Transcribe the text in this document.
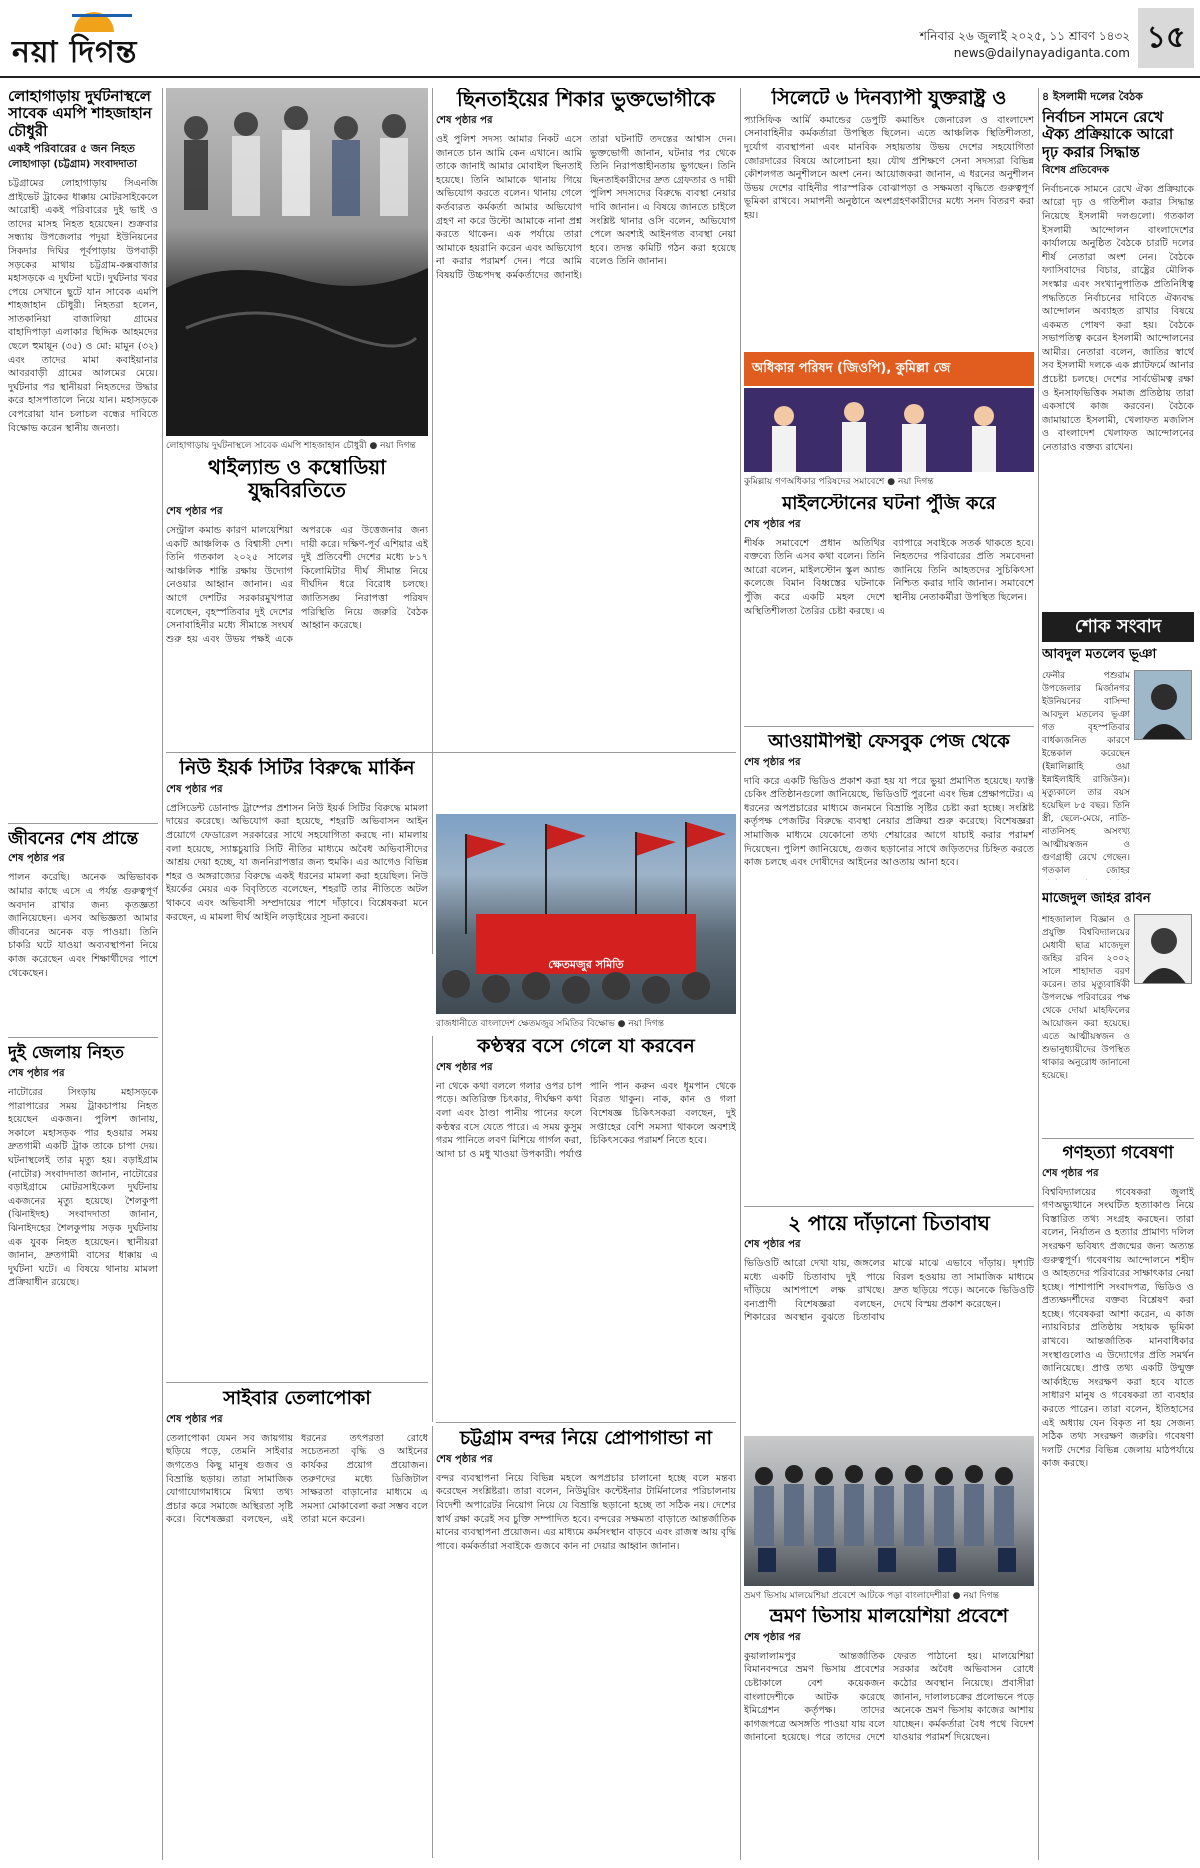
নয়া দিগন্ত	শনিবার ২৬ জুলাই ২০২৫, ১১ শ্রাবণ ১৪৩২
news@dailynayadiganta.com ১৫
লোহাগাড়ায় দুর্ঘটনাস্থলে সাবেক এমপি শাহজাহান চৌধুরী
একই পরিবারের ৫ জন নিহত
লোহাগাড়া (চট্টগ্রাম) সংবাদদাতা
চট্টগ্রামের লোহাগাড়ায় সিএনজি প্রাইভেট ট্রাকের ধাক্কায় মোটরসাইকেলে আরোহী একই পরিবারের দুই ভাই ও তাদের মাসহ নিহত হয়েছেন। শুক্রবার সন্ধ্যায় উপজেলার পদুয়া ইউনিয়নের সিকদার দিঘির পূর্বপাড়ায় উপবাড়ী সড়কের মাথায় চট্টগ্রাম-কক্সবাজার মহাসড়কে এ দুর্ঘটনা ঘটে। দুর্ঘটনার খবর পেয়ে সেখানে ছুটে যান সাবেক এমপি শাহজাহান চৌধুরী। নিহতরা হলেন, সাতকানিয়া বাজালিয়া গ্রামের বাহাদিপাড়া এলাকার ছিদ্দিক আহমদের ছেলে হুমায়ূন (৩৫) ও মো: মামুন (৩২) এবং তাদের মামা কবাইয়ানার আবরবাড়ী গ্রামের আলমের মেয়ে। দুর্ঘটনার পর স্থানীয়রা নিহতদের উদ্ধার করে হাসপাতালে নিয়ে যান। মহাসড়কে বেপরোয়া যান চলাচল বন্ধের দাবিতে বিক্ষোভ করেন স্থানীয় জনতা।
জীবনের শেষ প্রান্তে
শেষ পৃষ্ঠার পর
পালন করেছি। অনেক অভিভাবক আমার কাছে এসে এ পর্যন্ত গুরুত্বপূর্ণ অবদান রাখার জন্য কৃতজ্ঞতা জানিয়েছেন। এসব অভিজ্ঞতা আমার জীবনের অনেক বড় পাওয়া। তিনি চাকরি ঘটে যাওয়া অব্যবস্থাপনা নিয়ে কাজ করেছেন এবং শিক্ষার্থীদের পাশে থেকেছেন।
দুই জেলায় নিহত
শেষ পৃষ্ঠার পর
নাটোরের সিংড়ায় মহাসড়কে পারাপারের সময় ট্রাকচাপায় নিহত হয়েছেন একজন। পুলিশ জানায়, সকালে মহাসড়ক পার হওয়ার সময় দ্রুতগামী একটি ট্রাক তাকে চাপা দেয়। ঘটনাস্থলেই তার মৃত্যু হয়। বড়াইগ্রাম (নাটোর) সংবাদদাতা জানান, নাটোরের বড়াইগ্রামে মোটরসাইকেল দুর্ঘটনায় একজনের মৃত্যু হয়েছে। শৈলকুপা (ঝিনাইদহ) সংবাদদাতা জানান, ঝিনাইদহের শৈলকুপায় সড়ক দুর্ঘটনায় এক যুবক নিহত হয়েছেন। স্থানীয়রা জানান, দ্রুতগামী বাসের ধাক্কায় এ দুর্ঘটনা ঘটে। এ বিষয়ে থানায় মামলা প্রক্রিয়াধীন রয়েছে।
লোহাগাড়ায় দুর্ঘটনাস্থলে সাবেক এমপি শাহজাহান চৌধুরী ● নয়া দিগন্ত
থাইল্যান্ড ও কম্বোডিয়া যুদ্ধবিরতিতে
শেষ পৃষ্ঠার পর
সেন্ট্রাল কমান্ড কারণ মালয়েশিয়া একটি আঞ্চলিক ও বিশ্বাসী দেশ। তিনি গতকাল ২০২৫ সালের আঞ্চলিক শান্তি রক্ষায় উদ্যোগ নেওয়ার আহ্বান জানান। এর আগে দেশটির সরকারমুখপাত্র বলেছেন, বৃহস্পতিবার দুই দেশের সেনাবাহিনীর মধ্যে সীমান্তে সংঘর্ষ শুরু হয় এবং উভয় পক্ষই একে অপরকে এর উত্তেজনার জন্য দায়ী করে। দক্ষিণ-পূর্ব এশিয়ার এই দুই প্রতিবেশী দেশের মধ্যে ৮১৭ কিলোমিটার দীর্ঘ সীমান্ত নিয়ে দীর্ঘদিন ধরে বিরোধ চলছে। জাতিসঙ্ঘ নিরাপত্তা পরিষদ পরিস্থিতি নিয়ে জরুরি বৈঠক আহ্বান করেছে।
ছিনতাইয়ের শিকার ভুক্তভোগীকে
শেষ পৃষ্ঠার পর
ওই পুলিশ সদস্য আমার নিকট এসে জানতে চান আমি কেন এখানে। আমি তাকে জানাই আমার মোবাইল ছিনতাই হয়েছে। তিনি আমাকে থানায় গিয়ে অভিযোগ করতে বলেন। থানায় গেলে কর্তব্যরত কর্মকর্তা আমার অভিযোগ গ্রহণ না করে উল্টো আমাকে নানা প্রশ্ন করতে থাকেন। এক পর্যায়ে তারা আমাকে হয়রানি করেন এবং অভিযোগ না করার পরামর্শ দেন। পরে আমি বিষয়টি উচ্চপদস্থ কর্মকর্তাদের জানাই। তারা ঘটনাটি তদন্তের আশ্বাস দেন। ভুক্তভোগী জানান, ঘটনার পর থেকে তিনি নিরাপত্তাহীনতায় ভুগছেন। তিনি ছিনতাইকারীদের দ্রুত গ্রেফতার ও দায়ী পুলিশ সদস্যদের বিরুদ্ধে ব্যবস্থা নেয়ার দাবি জানান। এ বিষয়ে জানতে চাইলে সংশ্লিষ্ট থানার ওসি বলেন, অভিযোগ পেলে অবশ্যই আইনগত ব্যবস্থা নেয়া হবে। তদন্ত কমিটি গঠন করা হয়েছে বলেও তিনি জানান।
নিউ ইয়র্ক সিটির বিরুদ্ধে মার্কিন
শেষ পৃষ্ঠার পর
প্রেসিডেন্ট ডোনাল্ড ট্রাম্পের প্রশাসন নিউ ইয়র্ক সিটির বিরুদ্ধে মামলা দায়ের করেছে। অভিযোগ করা হয়েছে, শহরটি অভিবাসন আইন প্রয়োগে ফেডারেল সরকারের সাথে সহযোগিতা করছে না। মামলায় বলা হয়েছে, স্যাঙ্কচুয়ারি সিটি নীতির মাধ্যমে অবৈধ অভিবাসীদের আশ্রয় দেয়া হচ্ছে, যা জননিরাপত্তার জন্য হুমকি। এর আগেও বিভিন্ন শহর ও অঙ্গরাজ্যের বিরুদ্ধে একই ধরনের মামলা করা হয়েছিল। নিউ ইয়র্কের মেয়র এক বিবৃতিতে বলেছেন, শহরটি তার নীতিতে অটল থাকবে এবং অভিবাসী সম্প্রদায়ের পাশে দাঁড়াবে। বিশ্লেষকরা মনে করছেন, এ মামলা দীর্ঘ আইনি লড়াইয়ের সূচনা করবে।
ক্ষেতমজুর সমিতি
রাজধানীতে বাংলাদেশ ক্ষেতমজুর সমিতির বিক্ষোভ ● নয়া দিগন্ত
কণ্ঠস্বর বসে গেলে যা করবেন
শেষ পৃষ্ঠার পর
না থেকে কথা বললে গলার ওপর চাপ পড়ে। অতিরিক্ত চিৎকার, দীর্ঘক্ষণ কথা বলা এবং ঠাণ্ডা পানীয় পানের ফলে কণ্ঠস্বর বসে যেতে পারে। এ সময় কুসুম গরম পানিতে লবণ মিশিয়ে গার্গল করা, আদা চা ও মধু খাওয়া উপকারী। পর্যাপ্ত পানি পান করুন এবং ধূমপান থেকে বিরত থাকুন। নাক, কান ও গলা বিশেষজ্ঞ চিকিৎসকরা বলছেন, দুই সপ্তাহের বেশি সমস্যা থাকলে অবশ্যই চিকিৎসকের পরামর্শ নিতে হবে।
সাইবার তেলাপোকা
শেষ পৃষ্ঠার পর
তেলাপোকা যেমন সব জায়গায় ছড়িয়ে পড়ে, তেমনি সাইবার জগতেও কিছু মানুষ গুজব ও বিভ্রান্তি ছড়ায়। তারা সামাজিক যোগাযোগমাধ্যমে মিথ্যা তথ্য প্রচার করে সমাজে অস্থিরতা সৃষ্টি করে। বিশেষজ্ঞরা বলছেন, এই ধরনের তৎপরতা রোধে সচেতনতা বৃদ্ধি ও আইনের কার্যকর প্রয়োগ প্রয়োজন। তরুণদের মধ্যে ডিজিটাল সাক্ষরতা বাড়ানোর মাধ্যমে এ সমস্যা মোকাবেলা করা সম্ভব বলে তারা মনে করেন।
চট্টগ্রাম বন্দর নিয়ে প্রোপাগান্ডা না
শেষ পৃষ্ঠার পর
বন্দর ব্যবস্থাপনা নিয়ে বিভিন্ন মহলে অপপ্রচার চালানো হচ্ছে বলে মন্তব্য করেছেন সংশ্লিষ্টরা। তারা বলেন, নিউমুরিং কন্টেইনার টার্মিনালের পরিচালনায় বিদেশী অপারেটর নিয়োগ নিয়ে যে বিভ্রান্তি ছড়ানো হচ্ছে তা সঠিক নয়। দেশের স্বার্থ রক্ষা করেই সব চুক্তি সম্পাদিত হবে। বন্দরের সক্ষমতা বাড়াতে আন্তর্জাতিক মানের ব্যবস্থাপনা প্রয়োজন। এর মাধ্যমে কর্মসংস্থান বাড়বে এবং রাজস্ব আয় বৃদ্ধি পাবে। কর্মকর্তারা সবাইকে গুজবে কান না দেয়ার আহ্বান জানান।
সিলেটে ৬ দিনব্যাপী যুক্তরাষ্ট্র ও
প্যাসিফিক আর্মি কমান্ডের ডেপুটি কমান্ডিং জেনারেল ও বাংলাদেশ সেনাবাহিনীর কর্মকর্তারা উপস্থিত ছিলেন। এতে আঞ্চলিক স্থিতিশীলতা, দুর্যোগ ব্যবস্থাপনা এবং মানবিক সহায়তায় উভয় দেশের সহযোগিতা জোরদারের বিষয়ে আলোচনা হয়। যৌথ প্রশিক্ষণে সেনা সদস্যরা বিভিন্ন কৌশলগত অনুশীলনে অংশ নেন। আয়োজকরা জানান, এ ধরনের অনুশীলন উভয় দেশের বাহিনীর পারস্পরিক বোঝাপড়া ও সক্ষমতা বৃদ্ধিতে গুরুত্বপূর্ণ ভূমিকা রাখবে। সমাপনী অনুষ্ঠানে অংশগ্রহণকারীদের মধ্যে সনদ বিতরণ করা হয়।
অধিকার পরিষদ (জিওপি), কুমিল্লা জে
কুমিল্লায় গণঅধিকার পরিষদের সমাবেশে ● নয়া দিগন্ত
মাইলস্টোনের ঘটনা পুঁজি করে
শেষ পৃষ্ঠার পর
শীর্ষক সমাবেশে প্রধান অতিথির বক্তব্যে তিনি এসব কথা বলেন। তিনি আরো বলেন, মাইলস্টোন স্কুল অ্যান্ড কলেজে বিমান বিধ্বস্তের ঘটনাকে পুঁজি করে একটি মহল দেশে অস্থিতিশীলতা তৈরির চেষ্টা করছে। এ ব্যাপারে সবাইকে সতর্ক থাকতে হবে। নিহতদের পরিবারের প্রতি সমবেদনা জানিয়ে তিনি আহতদের সুচিকিৎসা নিশ্চিত করার দাবি জানান। সমাবেশে স্থানীয় নেতাকর্মীরা উপস্থিত ছিলেন।
আওয়ামীপন্থী ফেসবুক পেজ থেকে
শেষ পৃষ্ঠার পর
দাবি করে একটি ভিডিও প্রকাশ করা হয় যা পরে ভুয়া প্রমাণিত হয়েছে। ফ্যাক্ট চেকিং প্রতিষ্ঠানগুলো জানিয়েছে, ভিডিওটি পুরনো এবং ভিন্ন প্রেক্ষাপটের। এ ধরনের অপপ্রচারের মাধ্যমে জনমনে বিভ্রান্তি সৃষ্টির চেষ্টা করা হচ্ছে। সংশ্লিষ্ট কর্তৃপক্ষ পেজটির বিরুদ্ধে ব্যবস্থা নেয়ার প্রক্রিয়া শুরু করেছে। বিশেষজ্ঞরা সামাজিক মাধ্যমে যেকোনো তথ্য শেয়ারের আগে যাচাই করার পরামর্শ দিয়েছেন। পুলিশ জানিয়েছে, গুজব ছড়ানোর সাথে জড়িতদের চিহ্নিত করতে কাজ চলছে এবং দোষীদের আইনের আওতায় আনা হবে।
২ পায়ে দাঁড়ানো চিতাবাঘ
শেষ পৃষ্ঠার পর
ভিডিওটি আরো দেখা যায়, জঙ্গলের মধ্যে একটি চিতাবাঘ দুই পায়ে দাঁড়িয়ে আশপাশে লক্ষ রাখছে। বন্যপ্রাণী বিশেষজ্ঞরা বলছেন, শিকারের অবস্থান বুঝতে চিতাবাঘ মাঝে মাঝে এভাবে দাঁড়ায়। দৃশ্যটি বিরল হওয়ায় তা সামাজিক মাধ্যমে দ্রুত ছড়িয়ে পড়ে। অনেকে ভিডিওটি দেখে বিস্ময় প্রকাশ করেছেন।
ভ্রমণ ভিসায় মালয়েশিয়া প্রবেশে আটকে পড়া বাংলাদেশীরা ● নয়া দিগন্ত
ভ্রমণ ভিসায় মালয়েশিয়া প্রবেশে
শেষ পৃষ্ঠার পর
কুয়ালালামপুর আন্তর্জাতিক বিমানবন্দরে ভ্রমণ ভিসায় প্রবেশের চেষ্টাকালে বেশ কয়েকজন বাংলাদেশীকে আটক করেছে ইমিগ্রেশন কর্তৃপক্ষ। তাদের কাগজপত্রে অসঙ্গতি পাওয়া যায় বলে জানানো হয়েছে। পরে তাদের দেশে ফেরত পাঠানো হয়। মালয়েশিয়া সরকার অবৈধ অভিবাসন রোধে কঠোর অবস্থান নিয়েছে। প্রবাসীরা জানান, দালালচক্রের প্রলোভনে পড়ে অনেকে ভ্রমণ ভিসায় কাজের আশায় যাচ্ছেন। কর্মকর্তারা বৈধ পথে বিদেশ যাওয়ার পরামর্শ দিয়েছেন।
৪ ইসলামী দলের বৈঠক
নির্বাচন সামনে রেখে ঐক্য প্রক্রিয়াকে আরো দৃঢ় করার সিদ্ধান্ত
বিশেষ প্রতিবেদক
নির্বাচনকে সামনে রেখে ঐক্য প্রক্রিয়াকে আরো দৃঢ় ও গতিশীল করার সিদ্ধান্ত নিয়েছে ইসলামী দলগুলো। গতকাল ইসলামী আন্দোলন বাংলাদেশের কার্যালয়ে অনুষ্ঠিত বৈঠকে চারটি দলের শীর্ষ নেতারা অংশ নেন। বৈঠকে ফ্যাসিবাদের বিচার, রাষ্ট্রের মৌলিক সংস্কার এবং সংখ্যানুপাতিক প্রতিনিধিত্ব পদ্ধতিতে নির্বাচনের দাবিতে ঐক্যবদ্ধ আন্দোলন অব্যাহত রাখার বিষয়ে একমত পোষণ করা হয়। বৈঠকে সভাপতিত্ব করেন ইসলামী আন্দোলনের আমীর। নেতারা বলেন, জাতির স্বার্থে সব ইসলামী দলকে এক প্ল্যাটফর্মে আনার প্রচেষ্টা চলছে। দেশের সার্বভৌমত্ব রক্ষা ও ইনসাফভিত্তিক সমাজ প্রতিষ্ঠায় তারা একসাথে কাজ করবেন। বৈঠকে জামায়াতে ইসলামী, খেলাফত মজলিস ও বাংলাদেশ খেলাফত আন্দোলনের নেতারাও বক্তব্য রাখেন।
শোক সংবাদ
আবদুল মতলেব ভূঞা
ফেনীর পশুরাম উপজেলার মির্জানগর ইউনিয়নের বাসিন্দা আবদুল মতলেব ভূঞা গত বৃহস্পতিবার বার্ধক্যজনিত কারণে ইন্তেকাল করেছেন (ইন্নালিল্লাহি ওয়া ইন্নাইলাইহি রাজিউন)। মৃত্যুকালে তার বয়স হয়েছিল ৮৫ বছর। তিনি স্ত্রী, ছেলে-মেয়ে, নাতি-নাতনিসহ অসংখ্য আত্মীয়স্বজন ও গুণগ্রাহী রেখে গেছেন। গতকাল জোহর
মাজেদুল জহির রবিন
শাহজালাল বিজ্ঞান ও প্রযুক্তি বিশ্ববিদ্যালয়ের মেধাবী ছাত্র মাজেদুল জহির রবিন ২০০২ সালে শাহাদাত বরণ করেন। তার মৃত্যুবার্ষিকী উপলক্ষে পরিবারের পক্ষ থেকে দোয়া মাহফিলের আয়োজন করা হয়েছে। এতে আত্মীয়স্বজন ও শুভানুধ্যায়ীদের উপস্থিত থাকার অনুরোধ জানানো হয়েছে।
গণহত্যা গবেষণা
শেষ পৃষ্ঠার পর
বিশ্ববিদ্যালয়ের গবেষকরা জুলাই গণঅভ্যুত্থানে সংঘটিত হত্যাকাণ্ড নিয়ে বিস্তারিত তথ্য সংগ্রহ করছেন। তারা বলেন, নির্যাতন ও হত্যার প্রামাণ্য দলিল সংরক্ষণ ভবিষ্যৎ প্রজন্মের জন্য অত্যন্ত গুরুত্বপূর্ণ। গবেষণায় আন্দোলনে শহীদ ও আহতদের পরিবারের সাক্ষাৎকার নেয়া হচ্ছে। পাশাপাশি সংবাদপত্র, ভিডিও ও প্রত্যক্ষদর্শীদের বক্তব্য বিশ্লেষণ করা হচ্ছে। গবেষকরা আশা করেন, এ কাজ ন্যায়বিচার প্রতিষ্ঠায় সহায়ক ভূমিকা রাখবে। আন্তর্জাতিক মানবাধিকার সংস্থাগুলোও এ উদ্যোগের প্রতি সমর্থন জানিয়েছে। প্রাপ্ত তথ্য একটি উন্মুক্ত আর্কাইভে সংরক্ষণ করা হবে যাতে সাধারণ মানুষ ও গবেষকরা তা ব্যবহার করতে পারেন। তারা বলেন, ইতিহাসের এই অধ্যায় যেন বিকৃত না হয় সেজন্য সঠিক তথ্য সংরক্ষণ জরুরি। গবেষণা দলটি দেশের বিভিন্ন জেলায় মাঠপর্যায়ে কাজ করছে।
